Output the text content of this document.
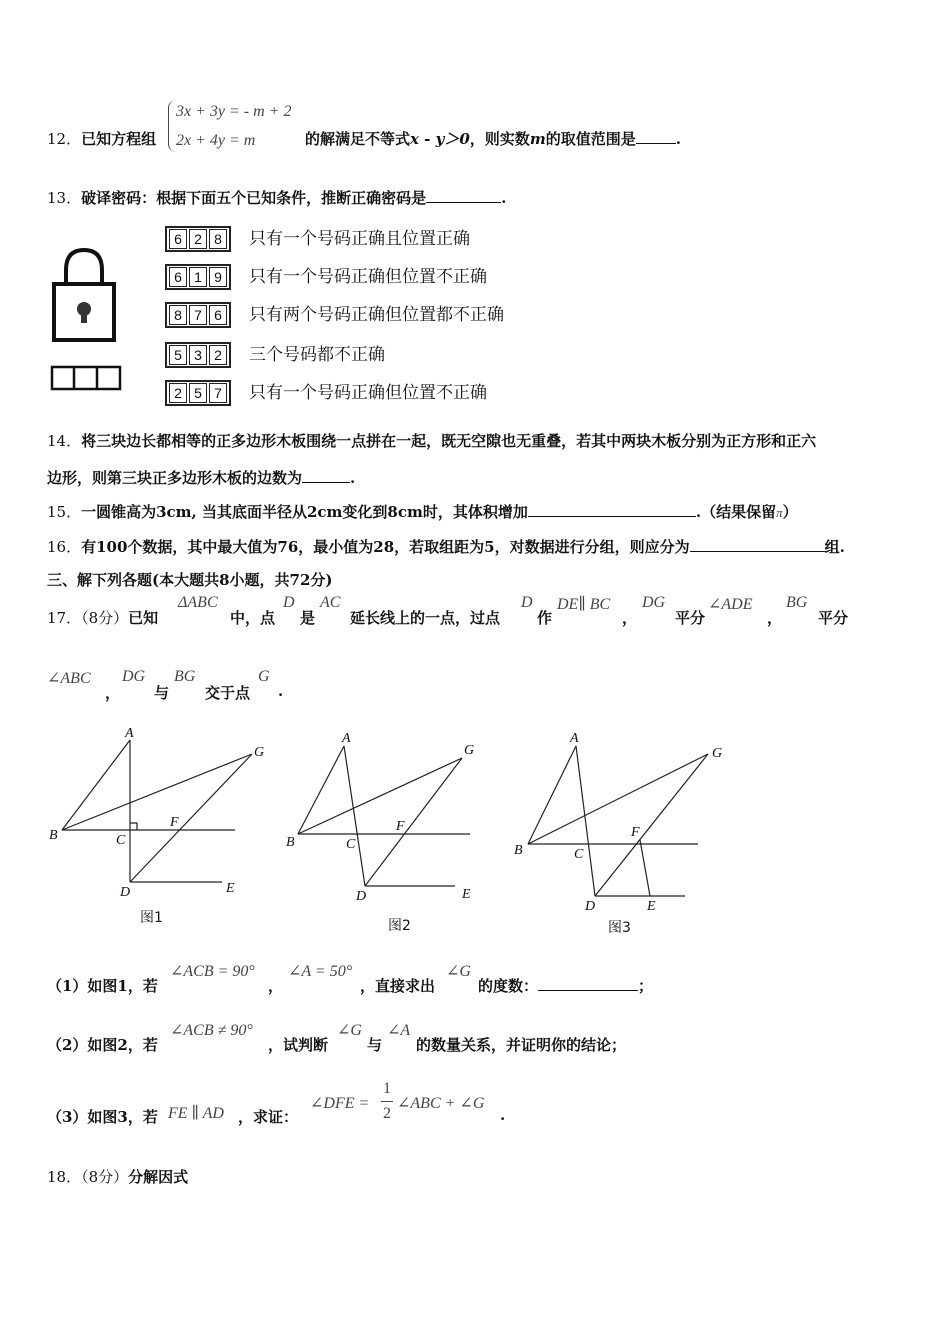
12．已知方程组
3x + 3y = - m + 2
2x + 4y = m	的解满足不等式x - y＞0，则实数m的取值范围是	.
13．破译密码：根据下面五个已知条件，推断正确密码是	.
6 2 8 只有一个号码正确且位置正确
6 1 9 只有一个号码正确但位置不正确
8 7 6 只有两个号码正确但位置都不正确
5 3 2 三个号码都不正确
2 5 7 只有一个号码正确但位置不正确
14．将三块边长都相等的正多边形木板围绕一点拼在一起，既无空隙也无重叠，若其中两块木板分别为正方形和正六
边形，则第三块正多边形木板的边数为	.
15．一圆锥高为3cm, 当其底面半径从2cm变化到8cm时，其体积增加	.（结果保留π）
16．有100个数据，其中最大值为76，最小值为28，若取组距为5，对数据进行分组，则应分为	组.
三、解下列各题(本大题共8小题，共72分)
17．（8分）已知
ΔABC
中，点
D
是
AC
延长线上的一点，过点
D
作
DE∥ BC
，
DG
平分
∠ADE
，
BG
平分
∠ABC
，
DG
与
BG
交于点
G
.
A
B	C
D	E
F
G
图1
A
B	C
D	E
F
G
图2
A
B	C
D	E
F
G
图3
（1）如图1，若
∠ACB = 90°
，
∠A = 50°
，直接求出
∠G
的度数：	；
（2）如图2，若
∠ACB ≠ 90°
，试判断
∠G
与
∠A
的数量关系，并证明你的结论；
（3）如图3，若 FE ∥ AD ，求证：
∠DFE =
1
2
∠ABC + ∠G
.
18．（8分）分解因式
